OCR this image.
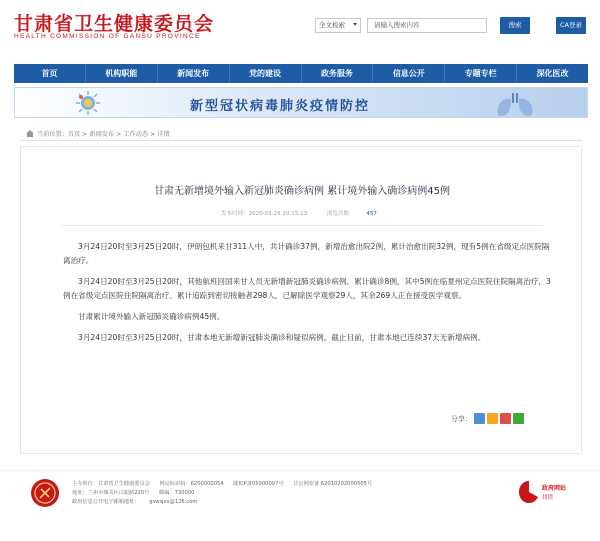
甘肃省卫生健康委员会
HEALTH COMMISSION OF GANSU PROVINCE
全文检索	请输入搜索内容	搜索	CA登录
首页	机构职能	新闻发布	党的建设	政务服务	信息公开	专题专栏	深化医改
新型冠状病毒肺炎疫情防控
当前位置：首页 > 新闻发布 > 工作动态 > 详情
甘肃无新增境外输入新冠肺炎确诊病例 累计境外输入确诊病例45例
发布时间：2020-03-25 20:15:13	浏览次数： 457

3月24日20时至3月25日20时，伊朗包机来甘311人中，共计确诊37例，新增治愈出院2例，累计治愈出院32例，现有5例在省级定点医院隔离治疗。

3月24日20时至3月25日20时，其他航班回国来甘人员无新增新冠肺炎确诊病例。累计确诊8例，其中5例在临夏州定点医院住院隔离治疗，3例在省级定点医院住院隔离治疗。累计追踪到密切接触者298人，已解除医学观察29人，其余269人正在接受医学观察。

甘肃累计境外输入新冠肺炎确诊病例45例。

3月24日20时至3月25日20时，甘肃本地无新增新冠肺炎确诊和疑似病例。截止目前，甘肃本地已连续37天无新增病例。

分享：
主办单位：甘肃省卫生健康委员会 网站标识码：6200000054 陇ICP备05000097号 甘公网安备 62010202000505号
地址：兰州市城关区白银路220号 邮编：730000
政府信息公开电子邮箱地址： gswsjxx@126.com
政府网站
找错
